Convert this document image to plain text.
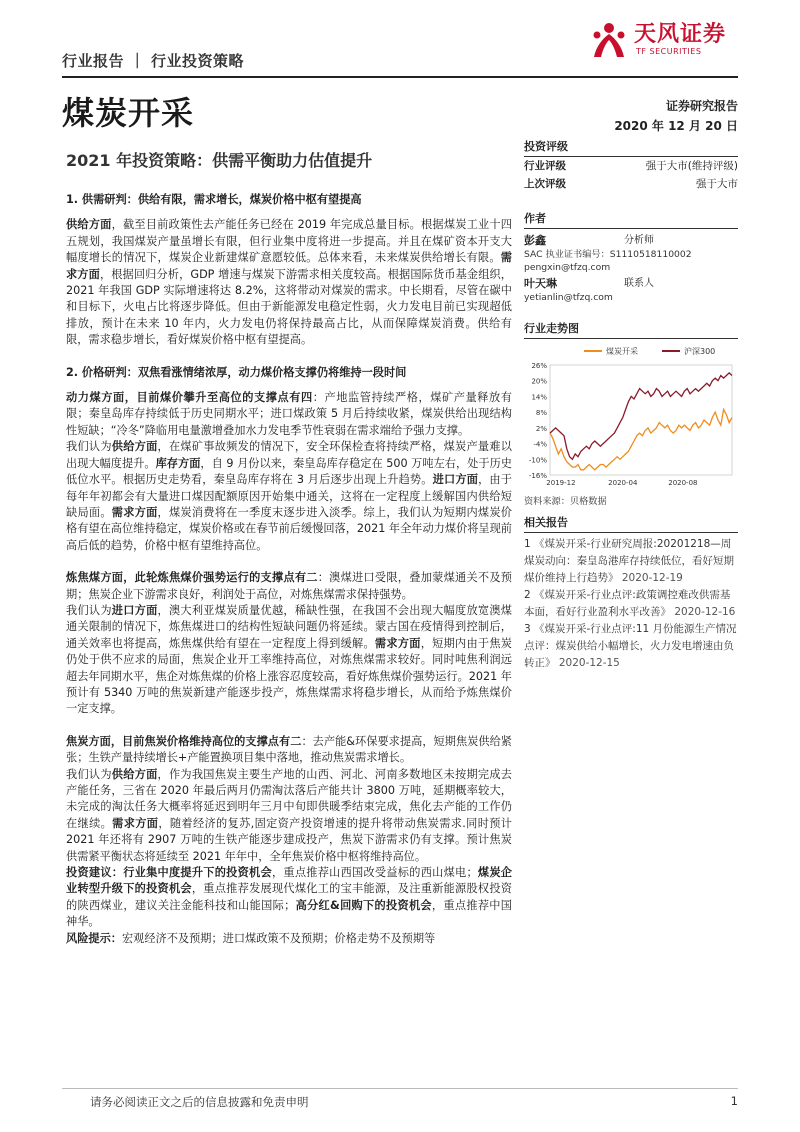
行业报告 ｜ 行业投资策略
煤炭开采
天风证券
TF SECURITIES
证券研究报告
2020 年 12 月 20 日
2021 年投资策略：供需平衡助力估值提升
1. 供需研判：供给有限，需求增长，煤炭价格中枢有望提高

供给方面，截至目前政策性去产能任务已经在 2019 年完成总量目标。根据煤炭工业十四五规划，我国煤炭产量虽增长有限，但行业集中度将进一步提高。并且在煤矿资本开支大幅度增长的情况下，煤炭企业新建煤矿意愿较低。总体来看，未来煤炭供给增长有限。需求方面，根据回归分析，GDP 增速与煤炭下游需求相关度较高。根据国际货币基金组织，2021 年我国 GDP 实际增速将达 8.2%，这将带动对煤炭的需求。中长期看，尽管在碳中和目标下，火电占比将逐步降低。但由于新能源发电稳定性弱，火力发电目前已实现超低排放，预计在未来 10 年内，火力发电仍将保持最高占比，从而保障煤炭消费。供给有限，需求稳步增长，看好煤炭价格中枢有望提高。

2. 价格研判：双焦看涨情绪浓厚，动力煤价格支撑仍将维持一段时间

动力煤方面，目前煤价攀升至高位的支撑点有四：产地监管持续严格，煤矿产量释放有限；秦皇岛库存持续低于历史同期水平；进口煤政策 5 月后持续收紧，煤炭供给出现结构性短缺；“冷冬”降临用电量激增叠加水力发电季节性衰弱在需求端给予强力支撑。

我们认为供给方面，在煤矿事故频发的情况下，安全环保检查将持续严格，煤炭产量难以出现大幅度提升。库存方面，自 9 月份以来，秦皇岛库存稳定在 500 万吨左右，处于历史低位水平。根据历史走势看，秦皇岛库存将在 3 月后逐步出现上升趋势。进口方面，由于每年年初都会有大量进口煤因配额原因开始集中通关，这将在一定程度上缓解国内供给短缺局面。需求方面，煤炭消费将在一季度末逐步进入淡季。综上，我们认为短期内煤炭价格有望在高位维持稳定，煤炭价格或在春节前后缓慢回落，2021 年全年动力煤价将呈现前高后低的趋势，价格中枢有望维持高位。

炼焦煤方面，此轮炼焦煤价强势运行的支撑点有二：澳煤进口受限，叠加蒙煤通关不及预期；焦炭企业下游需求良好，利润处于高位，对炼焦煤需求保持强势。

我们认为进口方面，澳大利亚煤炭质量优越，稀缺性强，在我国不会出现大幅度放宽澳煤通关限制的情况下，炼焦煤进口的结构性短缺问题仍将延续。蒙古国在疫情得到控制后，通关效率也将提高，炼焦煤供给有望在一定程度上得到缓解。需求方面，短期内由于焦炭仍处于供不应求的局面，焦炭企业开工率维持高位，对炼焦煤需求较好。同时吨焦利润远超去年同期水平，焦企对炼焦煤的价格上涨容忍度较高，看好炼焦煤价强势运行。2021 年预计有 5340 万吨的焦炭新建产能逐步投产，炼焦煤需求将稳步增长，从而给予炼焦煤价一定支撑。

焦炭方面，目前焦炭价格维持高位的支撑点有二：去产能&环保要求提高，短期焦炭供给紧张；生铁产量持续增长+产能置换项目集中落地，推动焦炭需求增长。

我们认为供给方面，作为我国焦炭主要生产地的山西、河北、河南多数地区未按期完成去产能任务，三省在 2020 年最后两月仍需淘汰落后产能共计 3800 万吨，延期概率较大，未完成的淘汰任务大概率将延迟到明年三月中旬即供暖季结束完成，焦化去产能的工作仍在继续。需求方面，随着经济的复苏,固定资产投资增速的提升将带动焦炭需求.同时预计 2021 年还将有 2907 万吨的生铁产能逐步建成投产，焦炭下游需求仍有支撑。预计焦炭供需紧平衡状态将延续至 2021 年年中，全年焦炭价格中枢将维持高位。

投资建议：行业集中度提升下的投资机会，重点推荐山西国改受益标的西山煤电；煤炭企业转型升级下的投资机会，重点推荐发展现代煤化工的宝丰能源，及注重新能源股权投资的陕西煤业，建议关注金能科技和山能国际；高分红&回购下的投资机会，重点推荐中国神华。

风险提示：宏观经济不及预期；进口煤政策不及预期；价格走势不及预期等

投资评级
行业评级	强于大市(维持评级)
上次评级	强于大市
作者
彭鑫	分析师
SAC 执业证书编号：S1110518110002
pengxin@tfzq.com
叶天琳	联系人
yetianlin@tfzq.com
行业走势图
26%
20%
14%
8%
2%
-4%
-10%
-16%
2019-12	2020-04	2020-08
煤炭开采	沪深300
资料来源：贝格数据
相关报告
1 《煤炭开采-行业研究周报:20201218—周煤炭动向：秦皇岛港库存持续低位，看好短期煤价维持上行趋势》 2020-12-19
2 《煤炭开采-行业点评:政策调控难改供需基本面，看好行业盈利水平改善》 2020-12-16
3 《煤炭开采-行业点评:11 月份能源生产情况点评：煤炭供给小幅增长，火力发电增速由负转正》 2020-12-15
请务必阅读正文之后的信息披露和免责申明	1
